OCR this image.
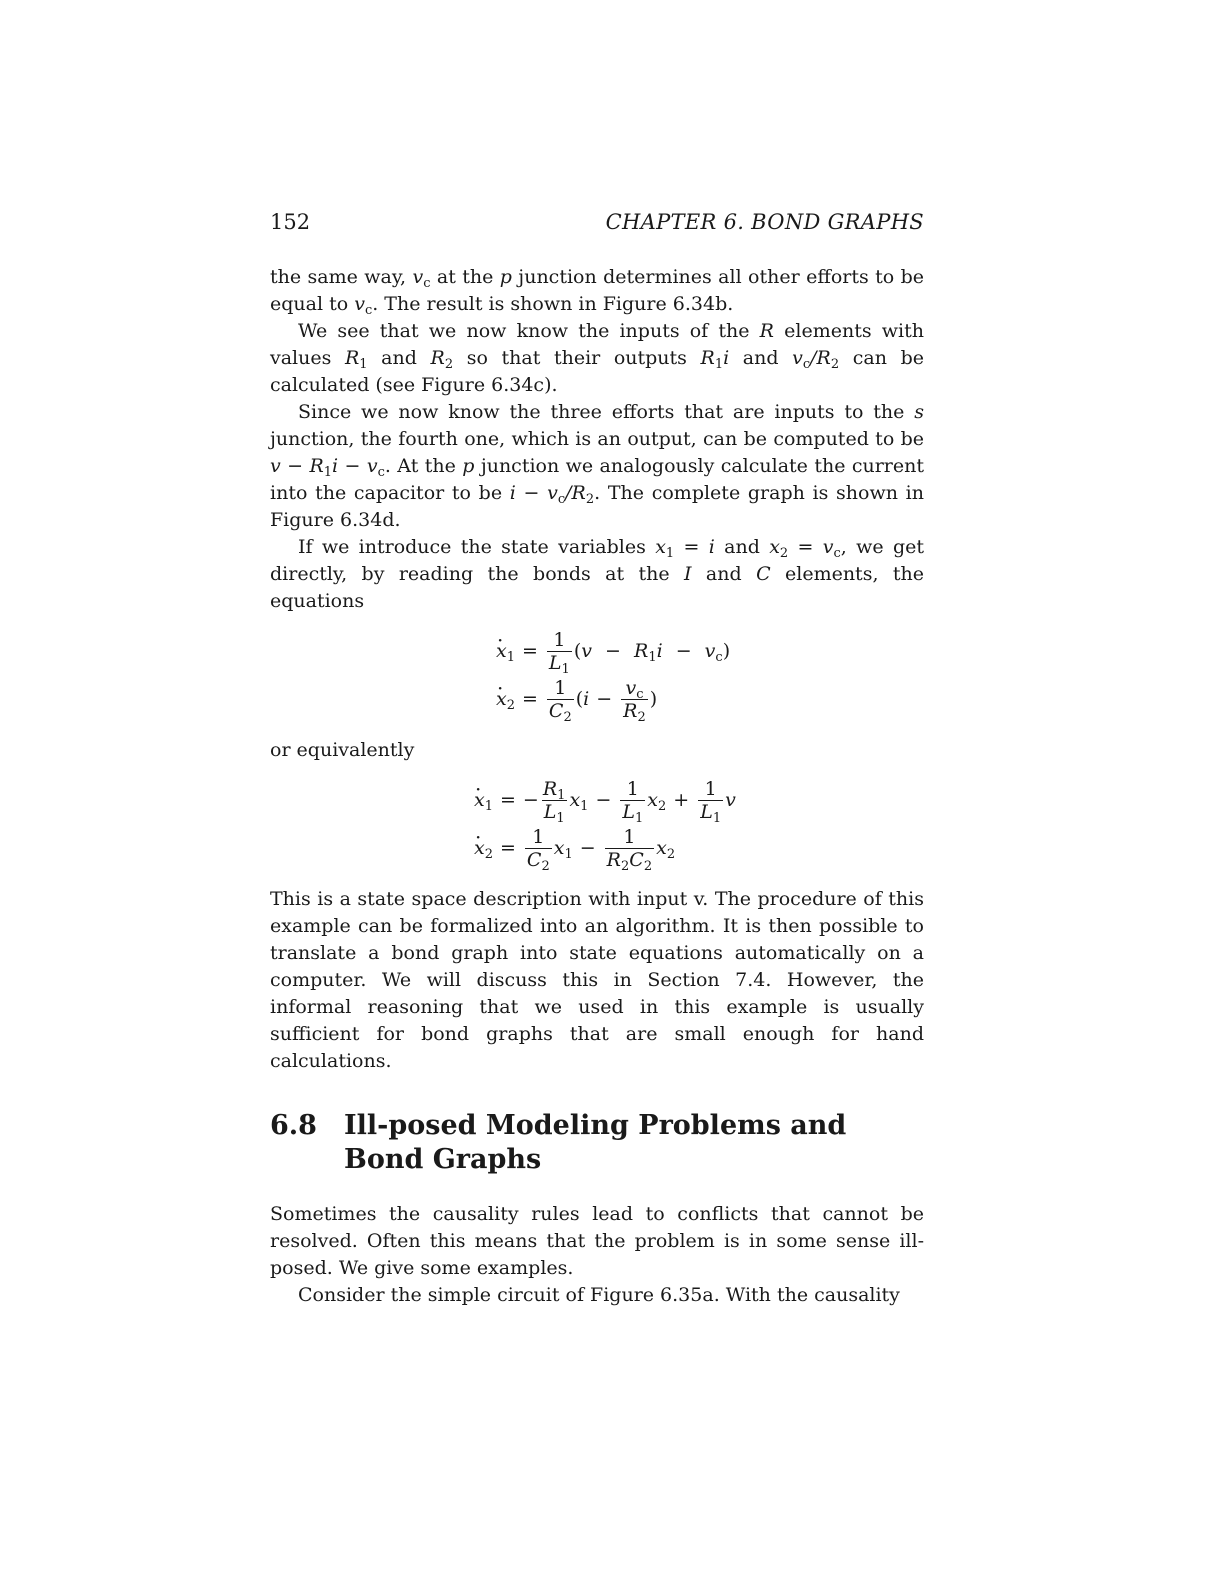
152	CHAPTER 6. BOND GRAPHS

the same way, $v_c$ at the p junction determines all other efforts to be equal to $v_c$. The result is shown in Figure 6.34b.

We see that we now know the inputs of the R elements with values $R_1$ and $R_2$ so that their outputs $R_1i$ and $v_c/R_2$ can be calculated (see Figure 6.34c).

Since we now know the three efforts that are inputs to the s junction, the fourth one, which is an output, can be computed to be $v - R_1i - v_c$. At the p junction we analogously calculate the current into the capacitor to be $i - v_c/R_2$. The complete graph is shown in Figure 6.34d.

If we introduce the state variables $x_1 = i$ and $x_2 = v_c$, we get directly, by reading the bonds at the I and C elements, the equations

· $x_1 = \frac{1}{L_1} (v - R_1i - v_c)$
· $x_2 = \frac{1}{C_2}$ ( $i - \frac{v_c}{R_2}$ )

or equivalently

· $x_1$ = − $\frac{R_1}{L_1} x_1 - \frac{1}{L_1} x_2 + \frac{1}{L_1}$ v
· $x_2 = \frac{1}{C_2} x_1 - \frac{1}{R_2C_2} x_2$

This is a state space description with input v. The procedure of this example can be formalized into an algorithm. It is then possible to translate a bond graph into state equations automatically on a computer. We will discuss this in Section 7.4. However, the informal reasoning that we used in this example is usually sufficient for bond graphs that are small enough for hand calculations.

6.8	Ill-posed Modeling Problems and Bond Graphs

Sometimes the causality rules lead to conflicts that cannot be resolved. Often this means that the problem is in some sense ill-posed. We give some examples.

Consider the simple circuit of Figure 6.35a. With the causality
